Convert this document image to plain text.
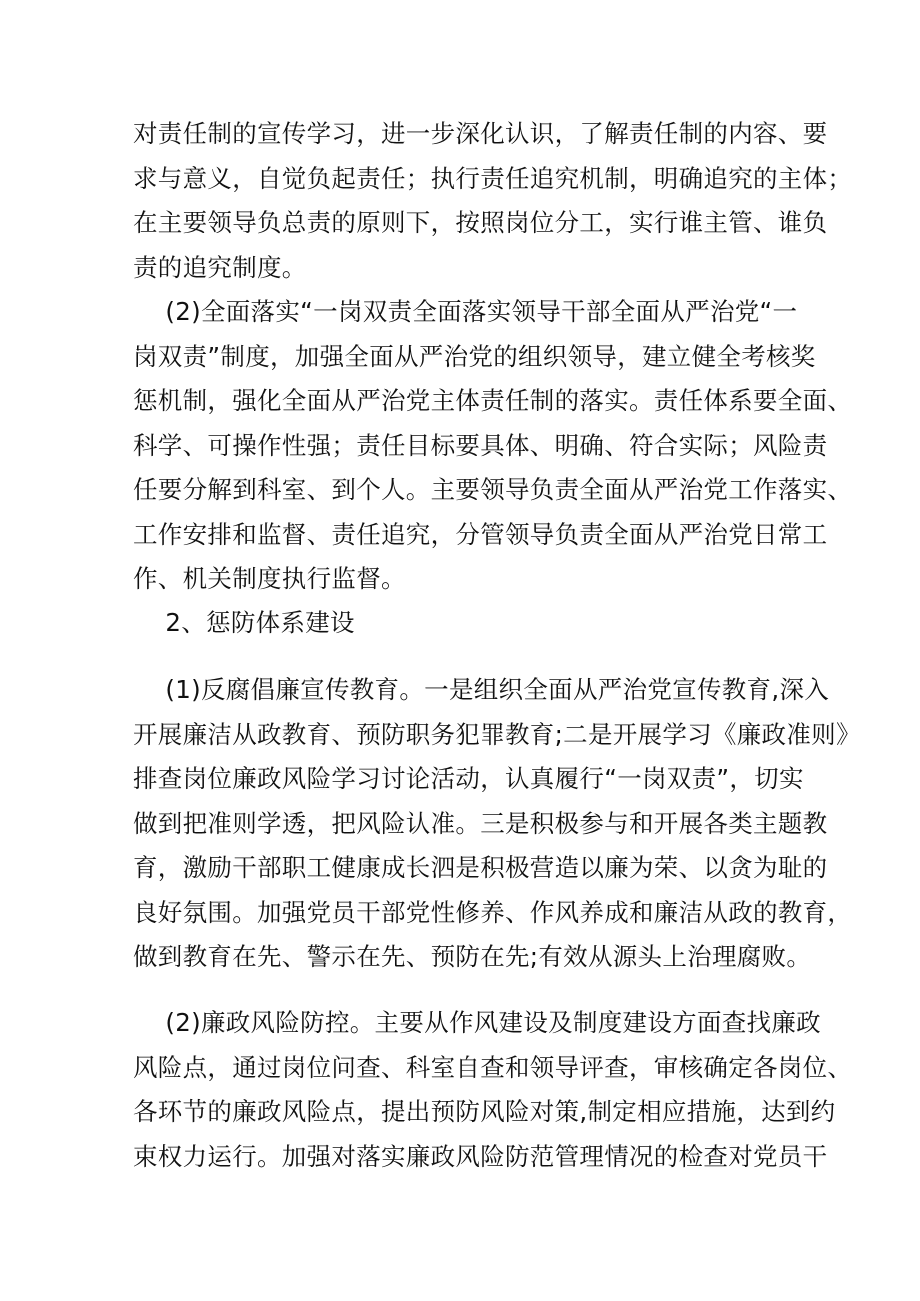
对责任制的宣传学习，进一步深化认识，了解责任制的内容、要
求与意义，自觉负起责任；执行责任追究机制，明确追究的主体；
在主要领导负总责的原则下，按照岗位分工，实行谁主管、谁负
责的追究制度。
(2)全面落实“一岗双责全面落实领导干部全面从严治党“一
岗双责”制度，加强全面从严治党的组织领导，建立健全考核奖
惩机制，强化全面从严治党主体责任制的落实。责任体系要全面、
科学、可操作性强；责任目标要具体、明确、符合实际；风险责
任要分解到科室、到个人。主要领导负责全面从严治党工作落实、
工作安排和监督、责任追究，分管领导负责全面从严治党日常工
作、机关制度执行监督。
2、惩防体系建设
(1)反腐倡廉宣传教育。一是组织全面从严治党宣传教育,深入
开展廉洁从政教育、预防职务犯罪教育;二是开展学习《廉政准则》
排查岗位廉政风险学习讨论活动，认真履行“一岗双责”，切实
做到把准则学透，把风险认准。三是积极参与和开展各类主题教
育，激励干部职工健康成长泗是积极营造以廉为荣、以贪为耻的
良好氛围。加强党员干部党性修养、作风养成和廉洁从政的教育，
做到教育在先、警示在先、预防在先;有效从源头上治理腐败。
(2)廉政风险防控。主要从作风建设及制度建设方面查找廉政
风险点，通过岗位问查、科室自查和领导评查，审核确定各岗位、
各环节的廉政风险点，提出预防风险对策,制定相应措施，达到约
束权力运行。加强对落实廉政风险防范管理情况的检查对党员干
